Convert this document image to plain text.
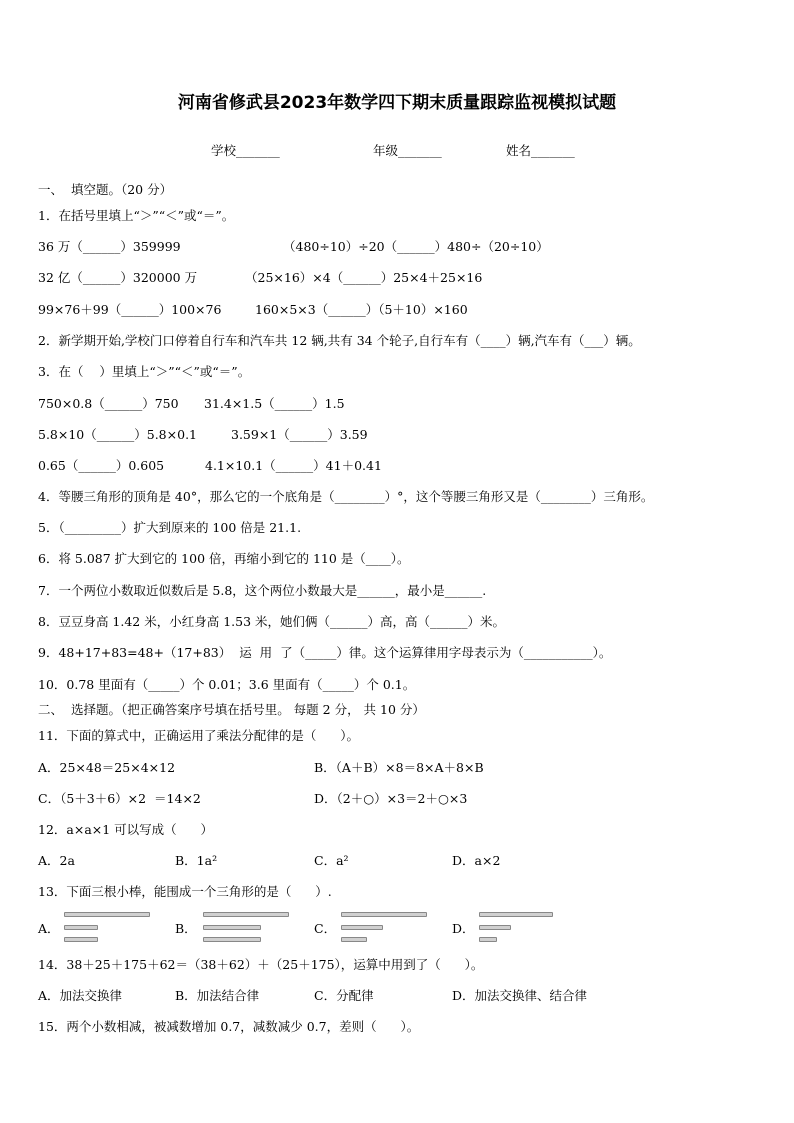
河南省修武县2023年数学四下期末质量跟踪监视模拟试题
学校_______	年级_______	姓名_______
一、  填空题。（20 分）
1．在括号里填上“＞”“＜”或“＝”。
36 万（______）359999	（480÷10）÷20（______）480÷（20÷10）
32 亿（______）320000 万	（25×16）×4（______）25×4＋25×16
99×76＋99（______）100×76	160×5×3（______）（5＋10）×160
2．新学期开始,学校门口停着自行车和汽车共 12 辆,共有 34 个轮子,自行车有（____）辆,汽车有（___）辆。
3．在（    ）里填上“＞”“＜”或“＝”。
750×0.8（______）750 31.4×1.5（______）1.5
5.8×10（______）5.8×0.1	3.59×1（______）3.59
0.65（______）0.605	4.1×10.1（______）41＋0.41
4．等腰三角形的顶角是 40°，那么它的一个底角是（________）°，这个等腰三角形又是（________）三角形。
5．（_________）扩大到原来的 100 倍是 21.1.
6．将 5.087 扩大到它的 100 倍，再缩小到它的 110 是（____）。
7．一个两位小数取近似数后是 5.8，这个两位小数最大是______，最小是______.
8．豆豆身高 1.42 米，小红身高 1.53 米，她们俩（______）高，高（______）米。
9．48+17+83=48+（17+83）  运  用  了（_____）律。这个运算律用字母表示为（___________）。
10．0.78 里面有（_____）个 0.01；3.6 里面有（_____）个 0.1。
二、  选择题。（把正确答案序号填在括号里。 每题 2 分， 共 10 分）
11．下面的算式中，正确运用了乘法分配律的是（      ）。
A．25×48＝25×4×12	B．（A＋B）×8＝8×A＋8×B
C．（5＋3＋6）×2  ＝14×2	D．（2＋○）×3＝2＋○×3
12．a×a×1 可以写成（      ）
A．2a	B．1a²	C．a²	D．a×2
13．下面三根小棒，能围成一个三角形的是（      ）.
A．	B．	C．	D．
14．38＋25＋175＋62＝（38＋62）＋（25＋175），运算中用到了（      ）。
A．加法交换律	B．加法结合律	C．分配律	D．加法交换律、结合律
15．两个小数相减，被减数增加 0.7，减数减少 0.7，差则（      ）。
